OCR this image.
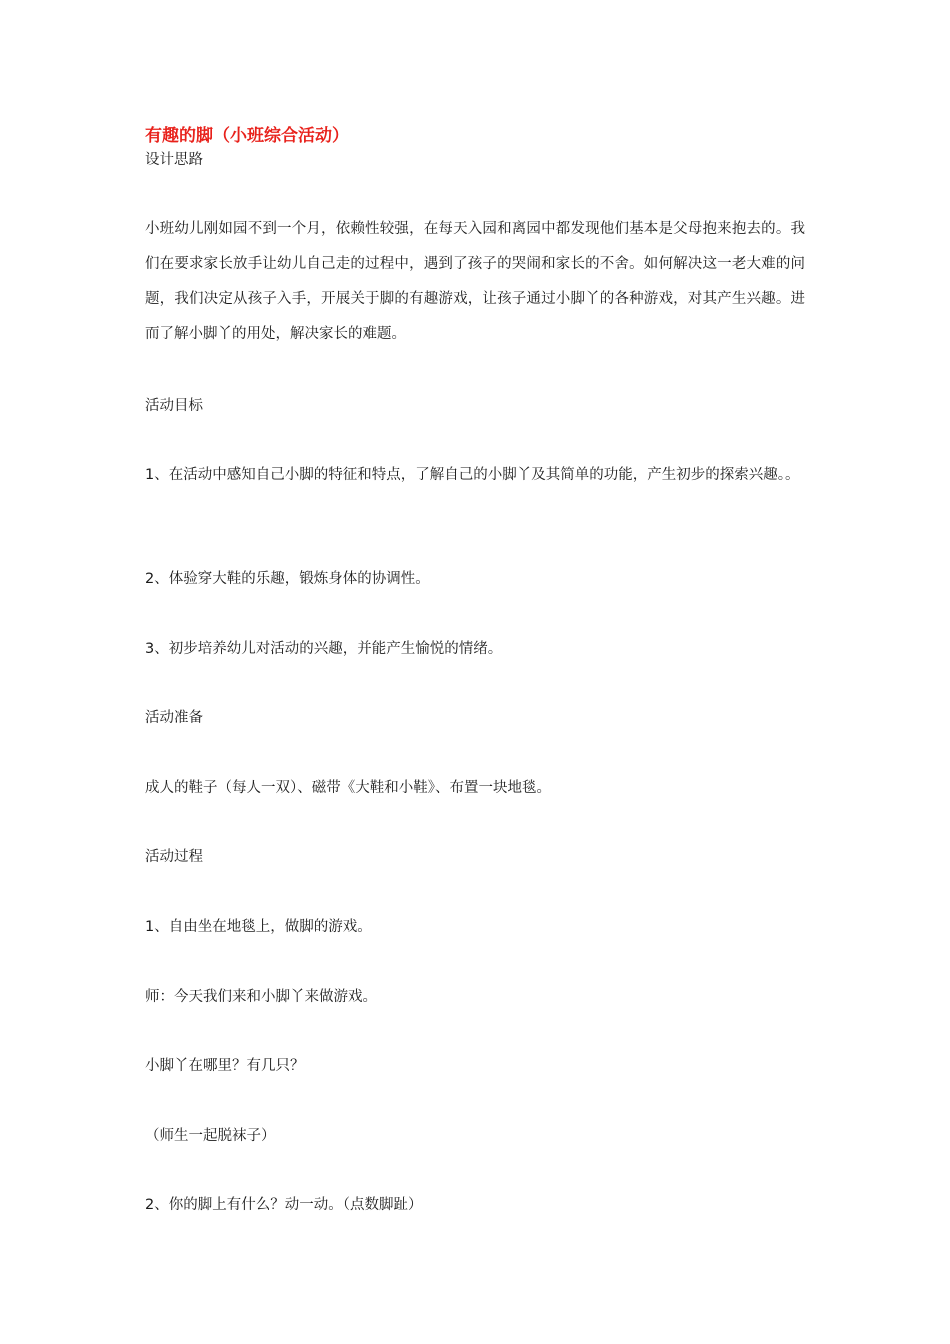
有趣的脚（小班综合活动）

设计思路

小班幼儿刚如园不到一个月，依赖性较强，在每天入园和离园中都发现他们基本是父母抱来抱去的。我们在要求家长放手让幼儿自己走的过程中，遇到了孩子的哭闹和家长的不舍。如何解决这一老大难的问题，我们决定从孩子入手，开展关于脚的有趣游戏，让孩子通过小脚丫的各种游戏，对其产生兴趣。进而了解小脚丫的用处，解决家长的难题。

活动目标

1、在活动中感知自己小脚的特征和特点，了解自己的小脚丫及其简单的功能，产生初步的探索兴趣。。

2、体验穿大鞋的乐趣，锻炼身体的协调性。

3、初步培养幼儿对活动的兴趣，并能产生愉悦的情绪。

活动准备

成人的鞋子（每人一双）、磁带《大鞋和小鞋》、布置一块地毯。

活动过程

1、自由坐在地毯上，做脚的游戏。

师：今天我们来和小脚丫来做游戏。

小脚丫在哪里？有几只？

（师生一起脱袜子）

2、你的脚上有什么？动一动。（点数脚趾）
